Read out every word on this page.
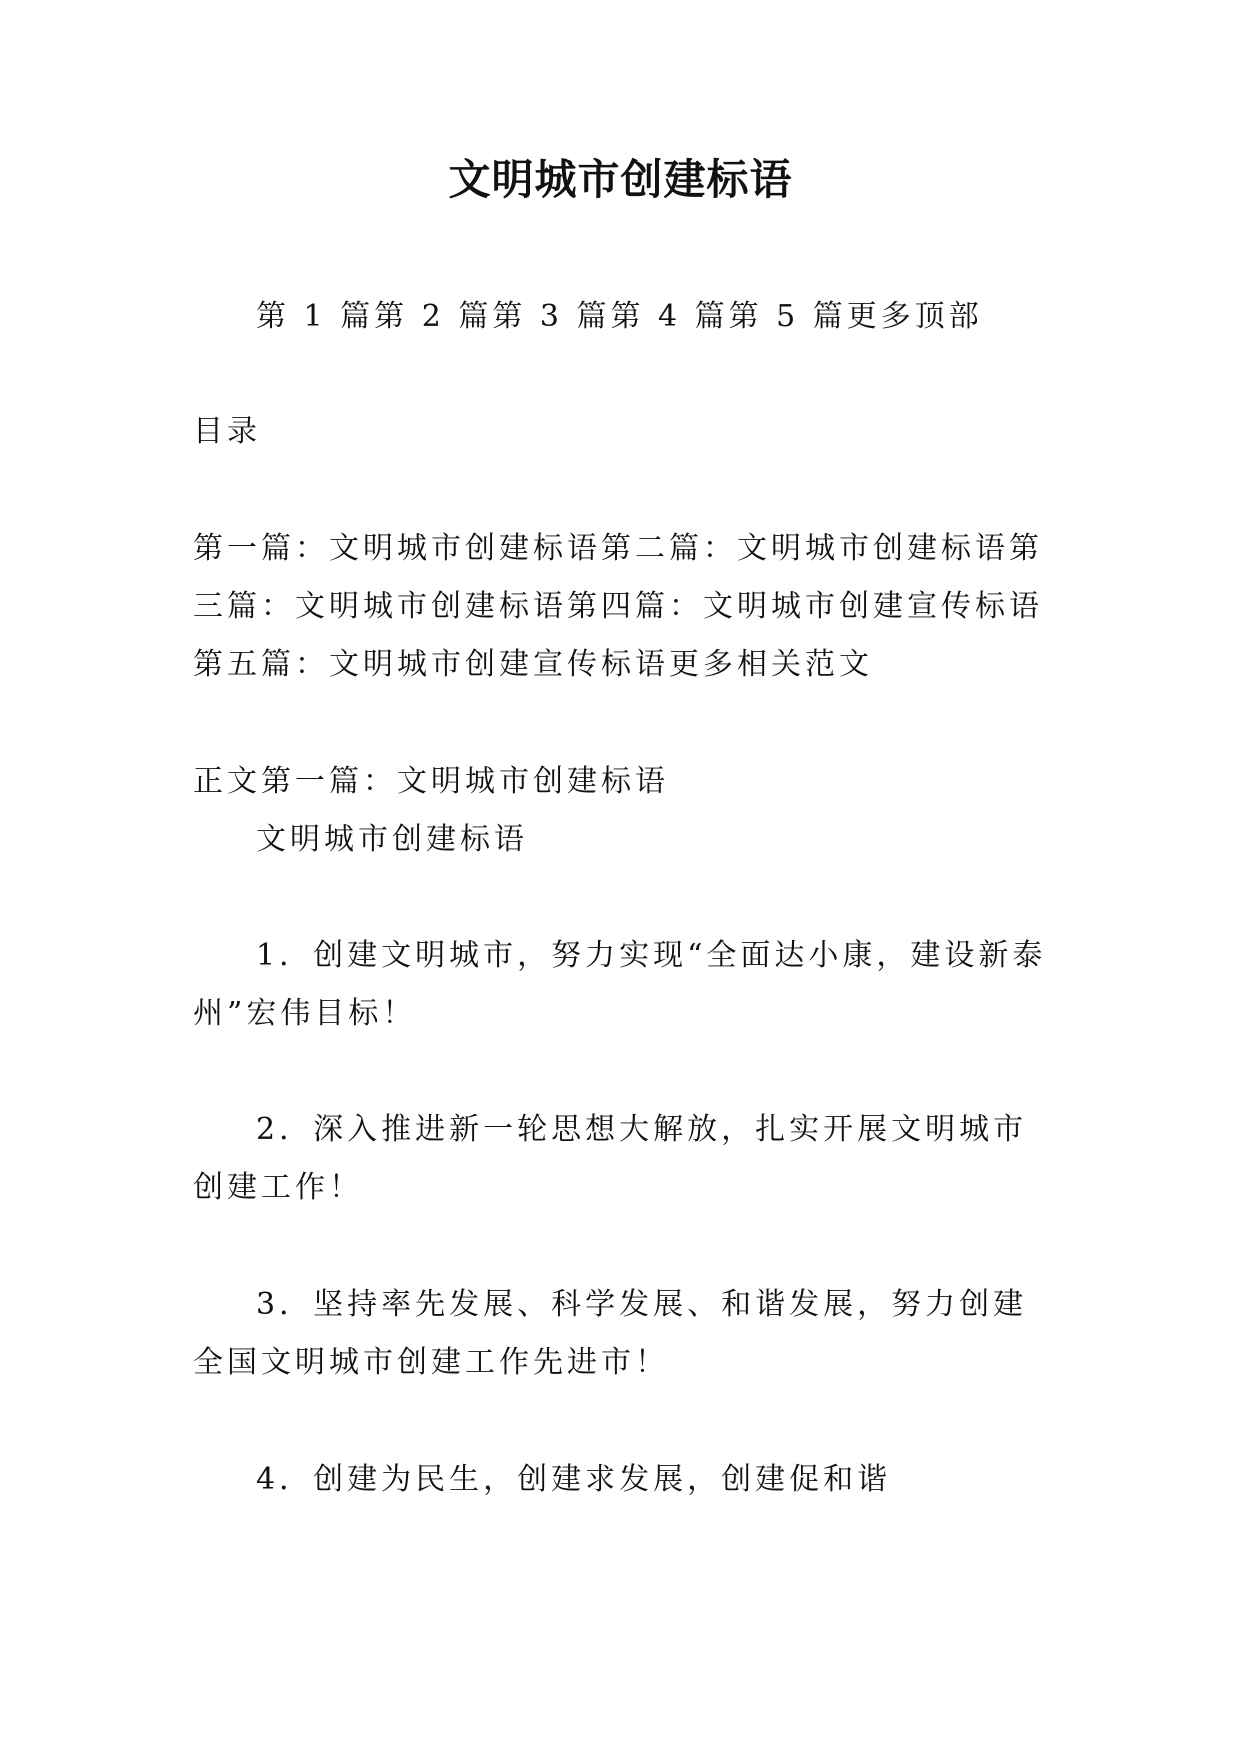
文明城市创建标语

第 1 篇第 2 篇第 3 篇第 4 篇第 5 篇更多顶部

目录

第一篇：文明城市创建标语第二篇：文明城市创建标语第三篇：文明城市创建标语第四篇：文明城市创建宣传标语第五篇：文明城市创建宣传标语更多相关范文

正文第一篇：文明城市创建标语

文明城市创建标语

1．创建文明城市，努力实现“全面达小康，建设新泰州”宏伟目标！

2．深入推进新一轮思想大解放，扎实开展文明城市创建工作！

3．坚持率先发展、科学发展、和谐发展，努力创建全国文明城市创建工作先进市！

4．创建为民生，创建求发展，创建促和谐
